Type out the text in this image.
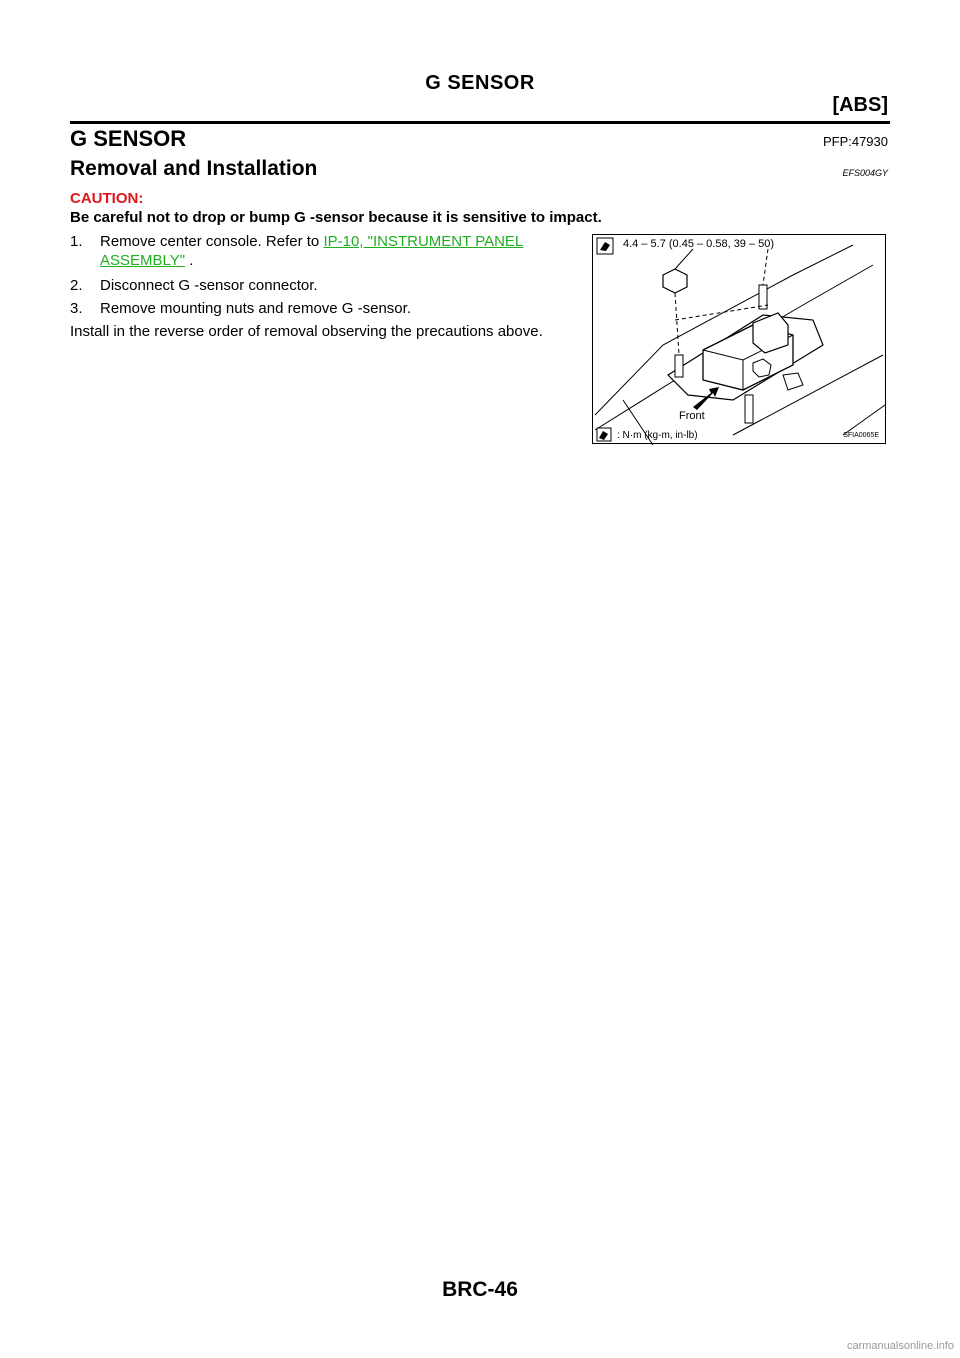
G SENSOR
[ABS]
G SENSOR	PFP:47930
Removal and Installation	EFS004GY
CAUTION:
Be careful not to drop or bump G -sensor because it is sensitive to impact.
1. Remove center console. Refer to IP-10, "INSTRUMENT PANEL
ASSEMBLY" .
2. Disconnect G -sensor connector.
3. Remove mounting nuts and remove G -sensor.
Install in the reverse order of removal observing the precautions above.
4.4 – 5.7 (0.45 – 0.58, 39 – 50)
Front
: N·m (kg-m, in-lb)	SFIA0065E
BRC-46
carmanualsonline.info
